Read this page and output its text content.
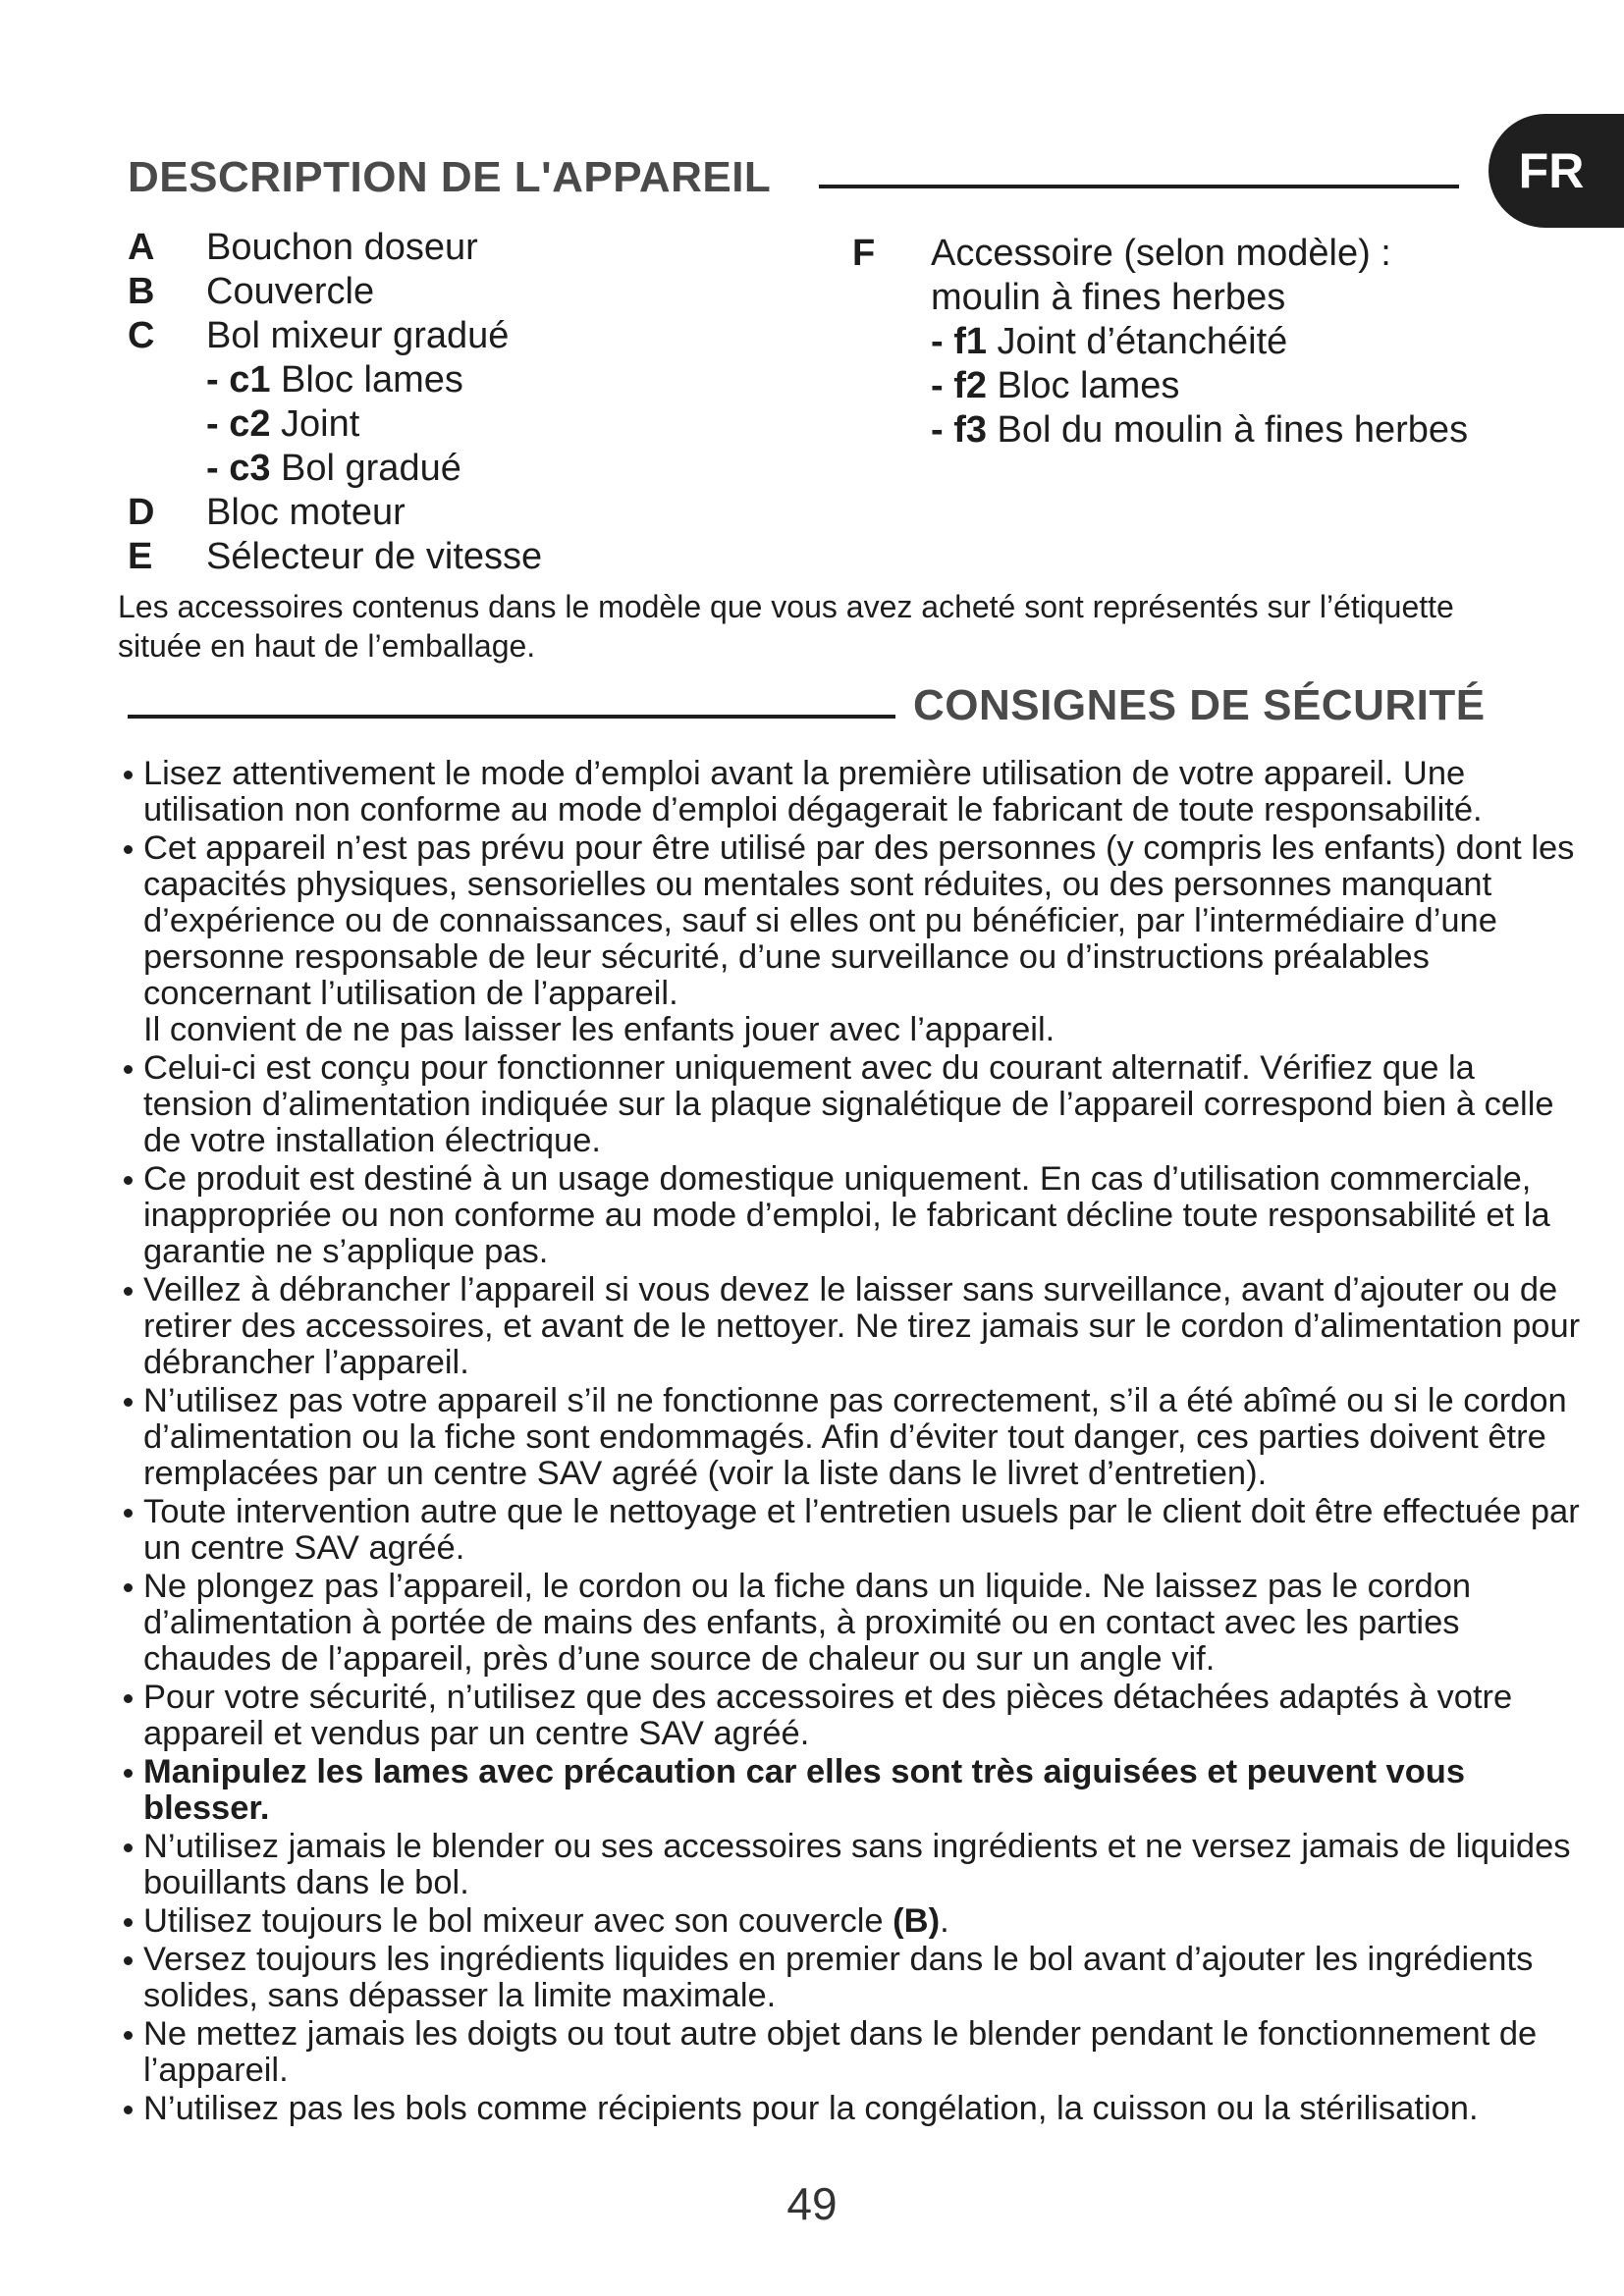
DESCRIPTION DE L'APPAREIL	FR
A	Bouchon doseur
B	Couvercle
C	Bol mixeur gradué
- c1 Bloc lames
- c2 Joint
- c3 Bol gradué
D	Bloc moteur
E	Sélecteur de vitesse
F	Accessoire (selon modèle) :
moulin à fines herbes
- f1 Joint d’étanchéité
- f2 Bloc lames
- f3 Bol du moulin à fines herbes
Les accessoires contenus dans le modèle que vous avez acheté sont représentés sur l’étiquette située en haut de l’emballage.
CONSIGNES DE SÉCURITÉ
Lisez attentivement le mode d’emploi avant la première utilisation de votre appareil. Une utilisation non conforme au mode d’emploi dégagerait le fabricant de toute responsabilité.
Cet appareil n’est pas prévu pour être utilisé par des personnes (y compris les enfants) dont les capacités physiques, sensorielles ou mentales sont réduites, ou des personnes manquant d’expérience ou de connaissances, sauf si elles ont pu bénéficier, par l’intermédiaire d’une personne responsable de leur sécurité, d’une surveillance ou d’instructions préalables concernant l’utilisation de l’appareil.
Il convient de ne pas laisser les enfants jouer avec l’appareil.
Celui-ci est conçu pour fonctionner uniquement avec du courant alternatif. Vérifiez que la tension d’alimentation indiquée sur la plaque signalétique de l’appareil correspond bien à celle de votre installation électrique.
Ce produit est destiné à un usage domestique uniquement. En cas d’utilisation commerciale, inappropriée ou non conforme au mode d’emploi, le fabricant décline toute responsabilité et la garantie ne s’applique pas.
Veillez à débrancher l’appareil si vous devez le laisser sans surveillance, avant d’ajouter ou de retirer des accessoires, et avant de le nettoyer. Ne tirez jamais sur le cordon d’alimentation pour débrancher l’appareil.
N’utilisez pas votre appareil s’il ne fonctionne pas correctement, s’il a été abîmé ou si le cordon d’alimentation ou la fiche sont endommagés. Afin d’éviter tout danger, ces parties doivent être remplacées par un centre SAV agréé (voir la liste dans le livret d’entretien).
Toute intervention autre que le nettoyage et l’entretien usuels par le client doit être effectuée par un centre SAV agréé.
Ne plongez pas l’appareil, le cordon ou la fiche dans un liquide. Ne laissez pas le cordon d’alimentation à portée de mains des enfants, à proximité ou en contact avec les parties chaudes de l’appareil, près d’une source de chaleur ou sur un angle vif.
Pour votre sécurité, n’utilisez que des accessoires et des pièces détachées adaptés à votre appareil et vendus par un centre SAV agréé.
Manipulez les lames avec précaution car elles sont très aiguisées et peuvent vous blesser.
N’utilisez jamais le blender ou ses accessoires sans ingrédients et ne versez jamais de liquides bouillants dans le bol.
Utilisez toujours le bol mixeur avec son couvercle (B).
Versez toujours les ingrédients liquides en premier dans le bol avant d’ajouter les ingrédients solides, sans dépasser la limite maximale.
Ne mettez jamais les doigts ou tout autre objet dans le blender pendant le fonctionnement de l’appareil.
N’utilisez pas les bols comme récipients pour la congélation, la cuisson ou la stérilisation.
49
